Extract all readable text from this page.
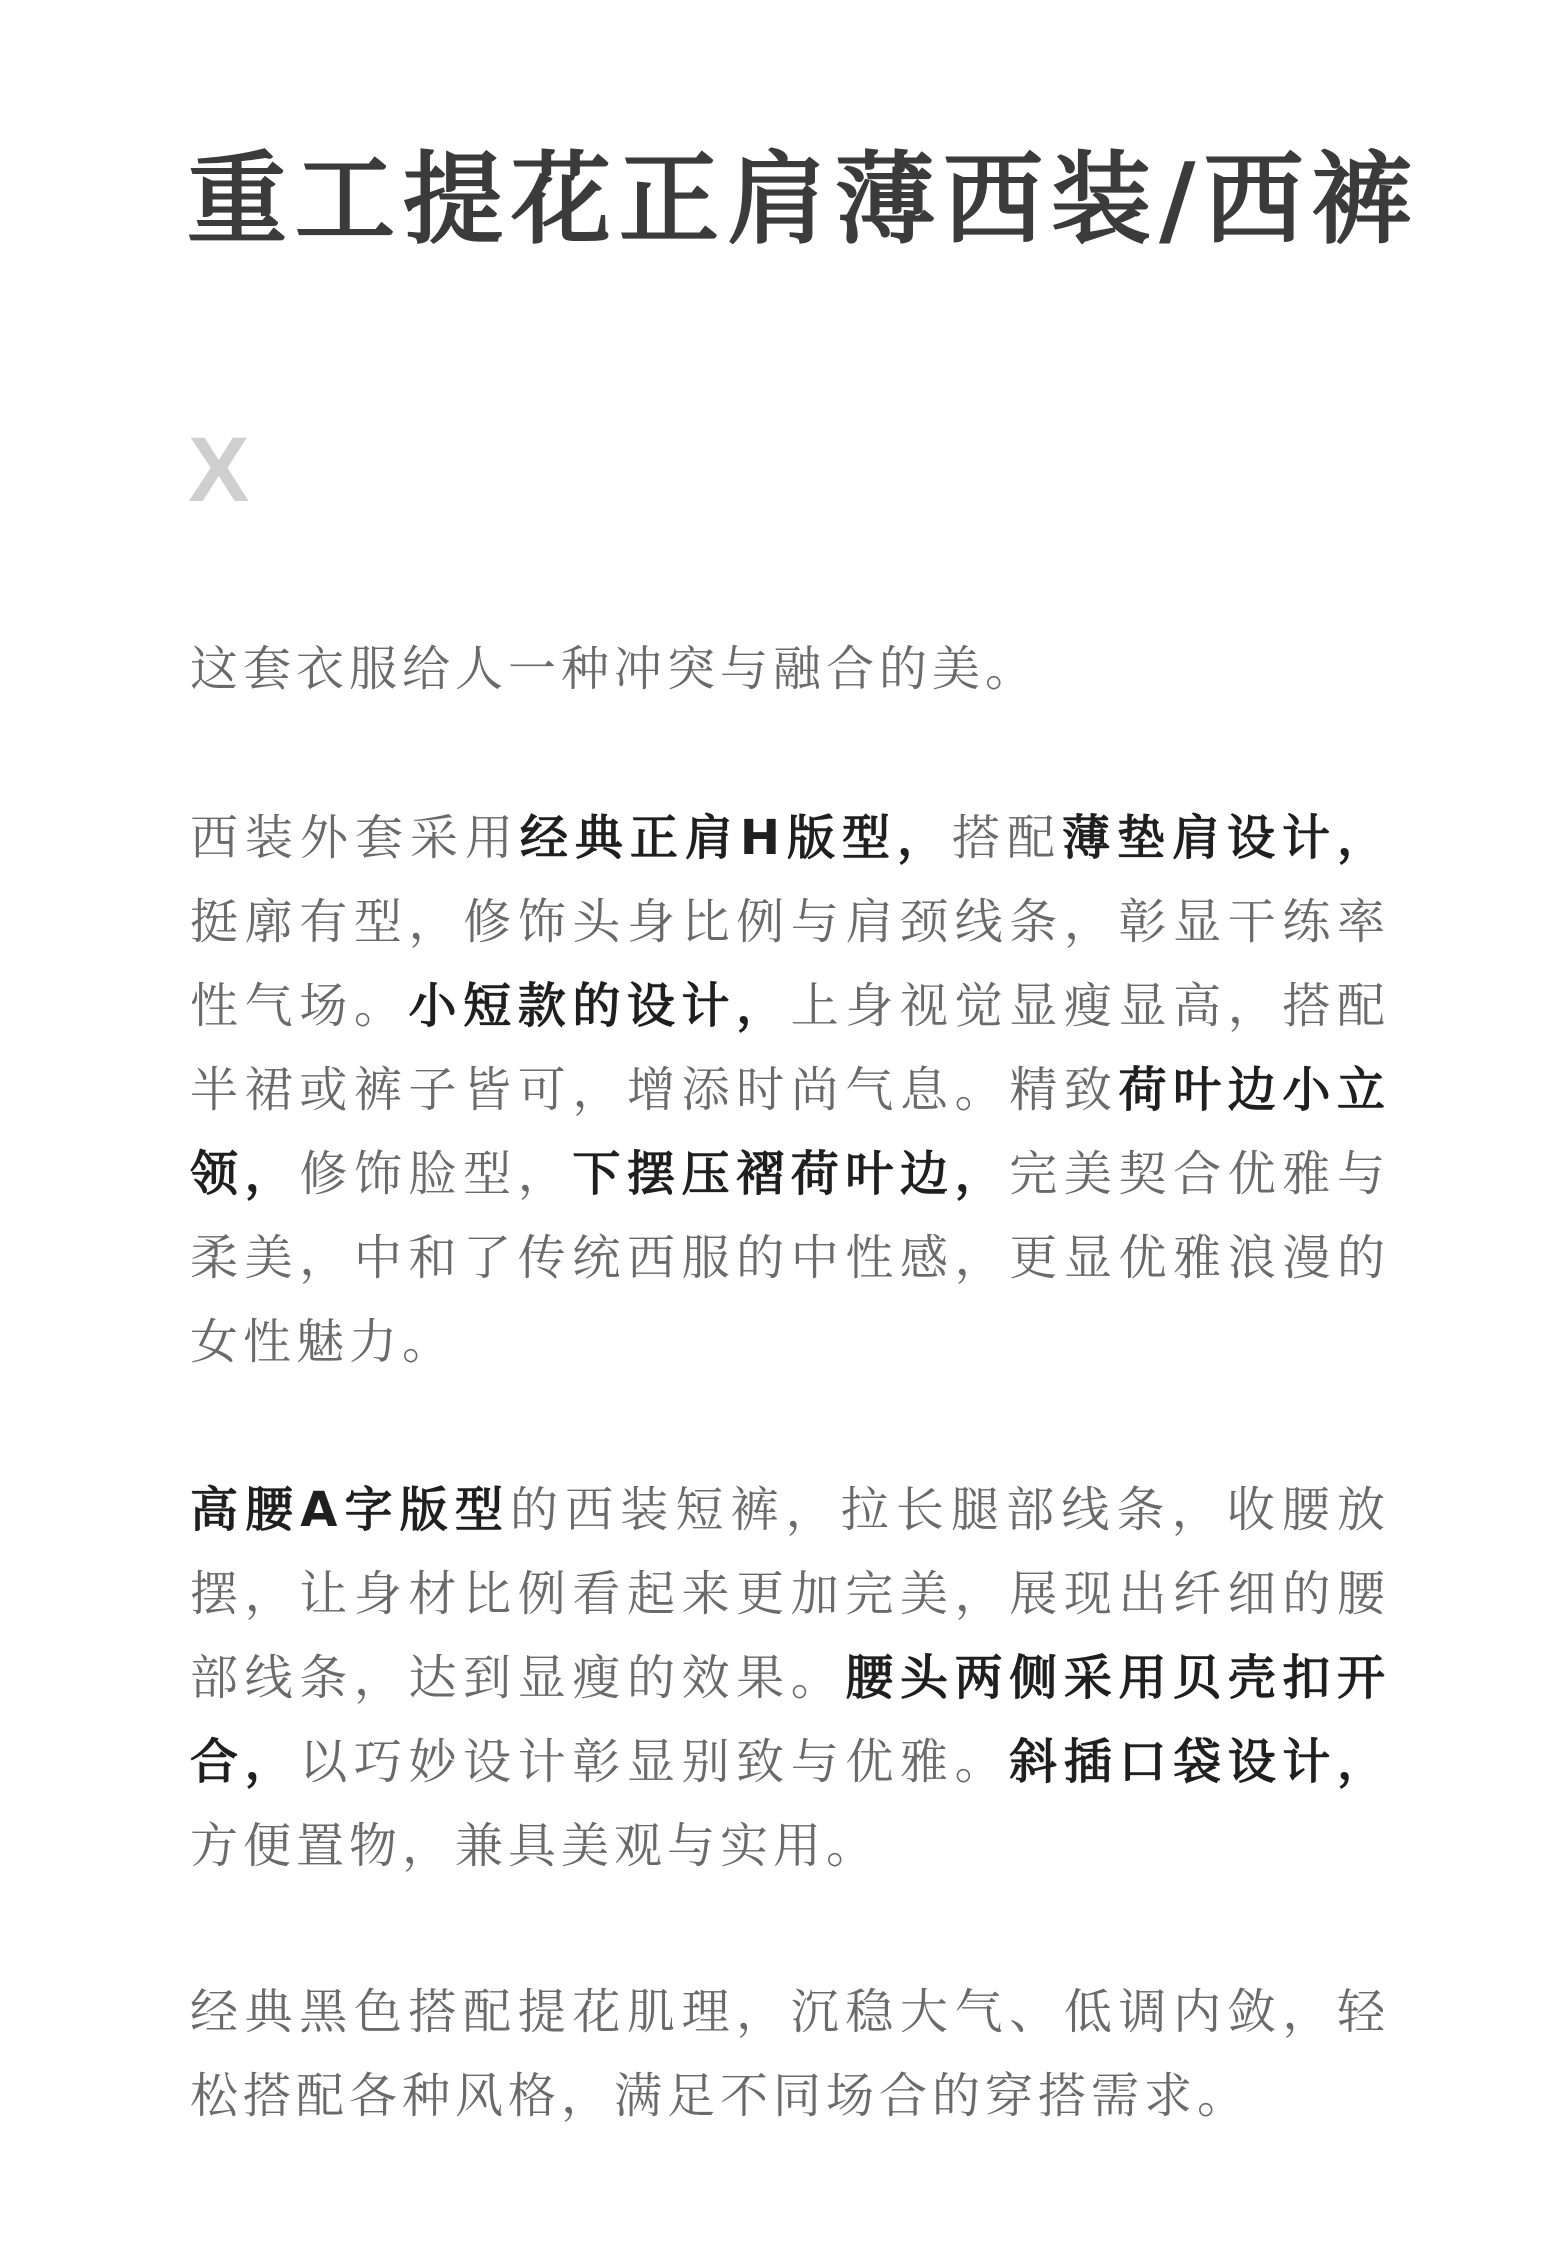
重工提花正肩薄西装/西裤
X

这套衣服给人一种冲突与融合的美。

西装外套采用经典正肩H版型，搭配薄垫肩设计，挺廓有型，修饰头身比例与肩颈线条，彰显干练率性气场。小短款的设计，上身视觉显瘦显高，搭配半裙或裤子皆可，增添时尚气息。精致荷叶边小立领，修饰脸型，下摆压褶荷叶边，完美契合优雅与柔美，中和了传统西服的中性感，更显优雅浪漫的女性魅力。

高腰A字版型的西装短裤，拉长腿部线条，收腰放摆，让身材比例看起来更加完美，展现出纤细的腰部线条，达到显瘦的效果。腰头两侧采用贝壳扣开合，以巧妙设计彰显别致与优雅。斜插口袋设计，方便置物，兼具美观与实用。

经典黑色搭配提花肌理，沉稳大气、低调内敛，轻松搭配各种风格，满足不同场合的穿搭需求。
